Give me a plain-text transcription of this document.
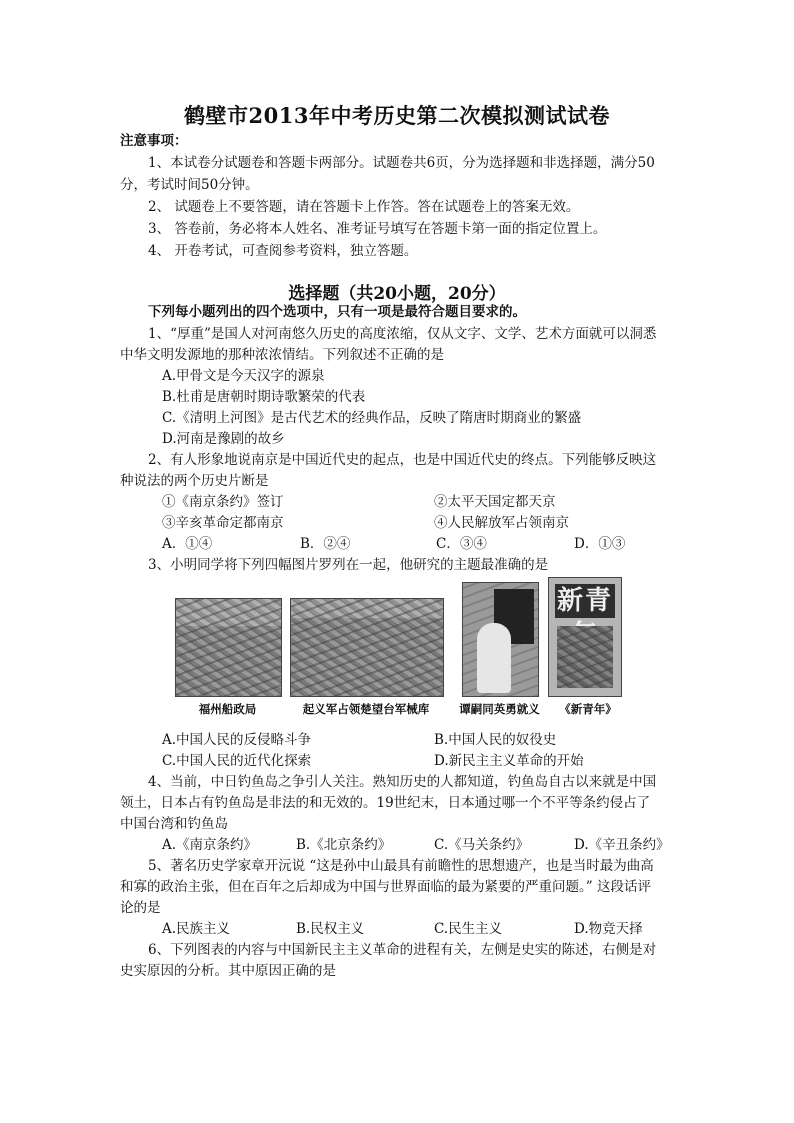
鹤壁市2013年中考历史第二次模拟测试试卷
注意事项：
1、本试卷分试题卷和答题卡两部分。试题卷共6页，分为选择题和非选择题，满分50
分，考试时间50分钟。
2、 试题卷上不要答题，请在答题卡上作答。答在试题卷上的答案无效。
3、 答卷前，务必将本人姓名、准考证号填写在答题卡第一面的指定位置上。
4、 开卷考试，可查阅参考资料，独立答题。
选择题（共20小题，20分）
下列每小题列出的四个选项中，只有一项是最符合题目要求的。
1、“厚重”是国人对河南悠久历史的高度浓缩，仅从文字、文学、艺术方面就可以洞悉
中华文明发源地的那种浓浓情结。下列叙述不正确的是
A.甲骨文是今天汉字的源泉
B.杜甫是唐朝时期诗歌繁荣的代表
C.《清明上河图》是古代艺术的经典作品，反映了隋唐时期商业的繁盛
D.河南是豫剧的故乡
2、有人形象地说南京是中国近代史的起点，也是中国近代史的终点。下列能够反映这
种说法的两个历史片断是
①《南京条约》签订	②太平天国定都天京
③辛亥革命定都南京	④人民解放军占领南京
A．①④	B．②④	C．③④	D．①③
3、小明同学将下列四幅图片罗列在一起，他研究的主题最准确的是
新青
福州船政局	起义军占领楚望台军械库	谭嗣同英勇就义	《新青年》
A.中国人民的反侵略斗争	B.中国人民的奴役史
C.中国人民的近代化探索	D.新民主主义革命的开始
4、当前，中日钓鱼岛之争引人关注。熟知历史的人都知道，钓鱼岛自古以来就是中国
领土，日本占有钓鱼岛是非法的和无效的。19世纪末，日本通过哪一个不平等条约侵占了
中国台湾和钓鱼岛
A.《南京条约》	B.《北京条约》	C.《马关条约》	D.《辛丑条约》
5、著名历史学家章开沅说 “这是孙中山最具有前瞻性的思想遗产，也是当时最为曲高
和寡的政治主张，但在百年之后却成为中国与世界面临的最为紧要的严重问题。” 这段话评
论的是
A.民族主义	B.民权主义	C.民生主义	D.物竞天择
6、下列图表的内容与中国新民主主义革命的进程有关，左侧是史实的陈述，右侧是对
史实原因的分析。其中原因正确的是
